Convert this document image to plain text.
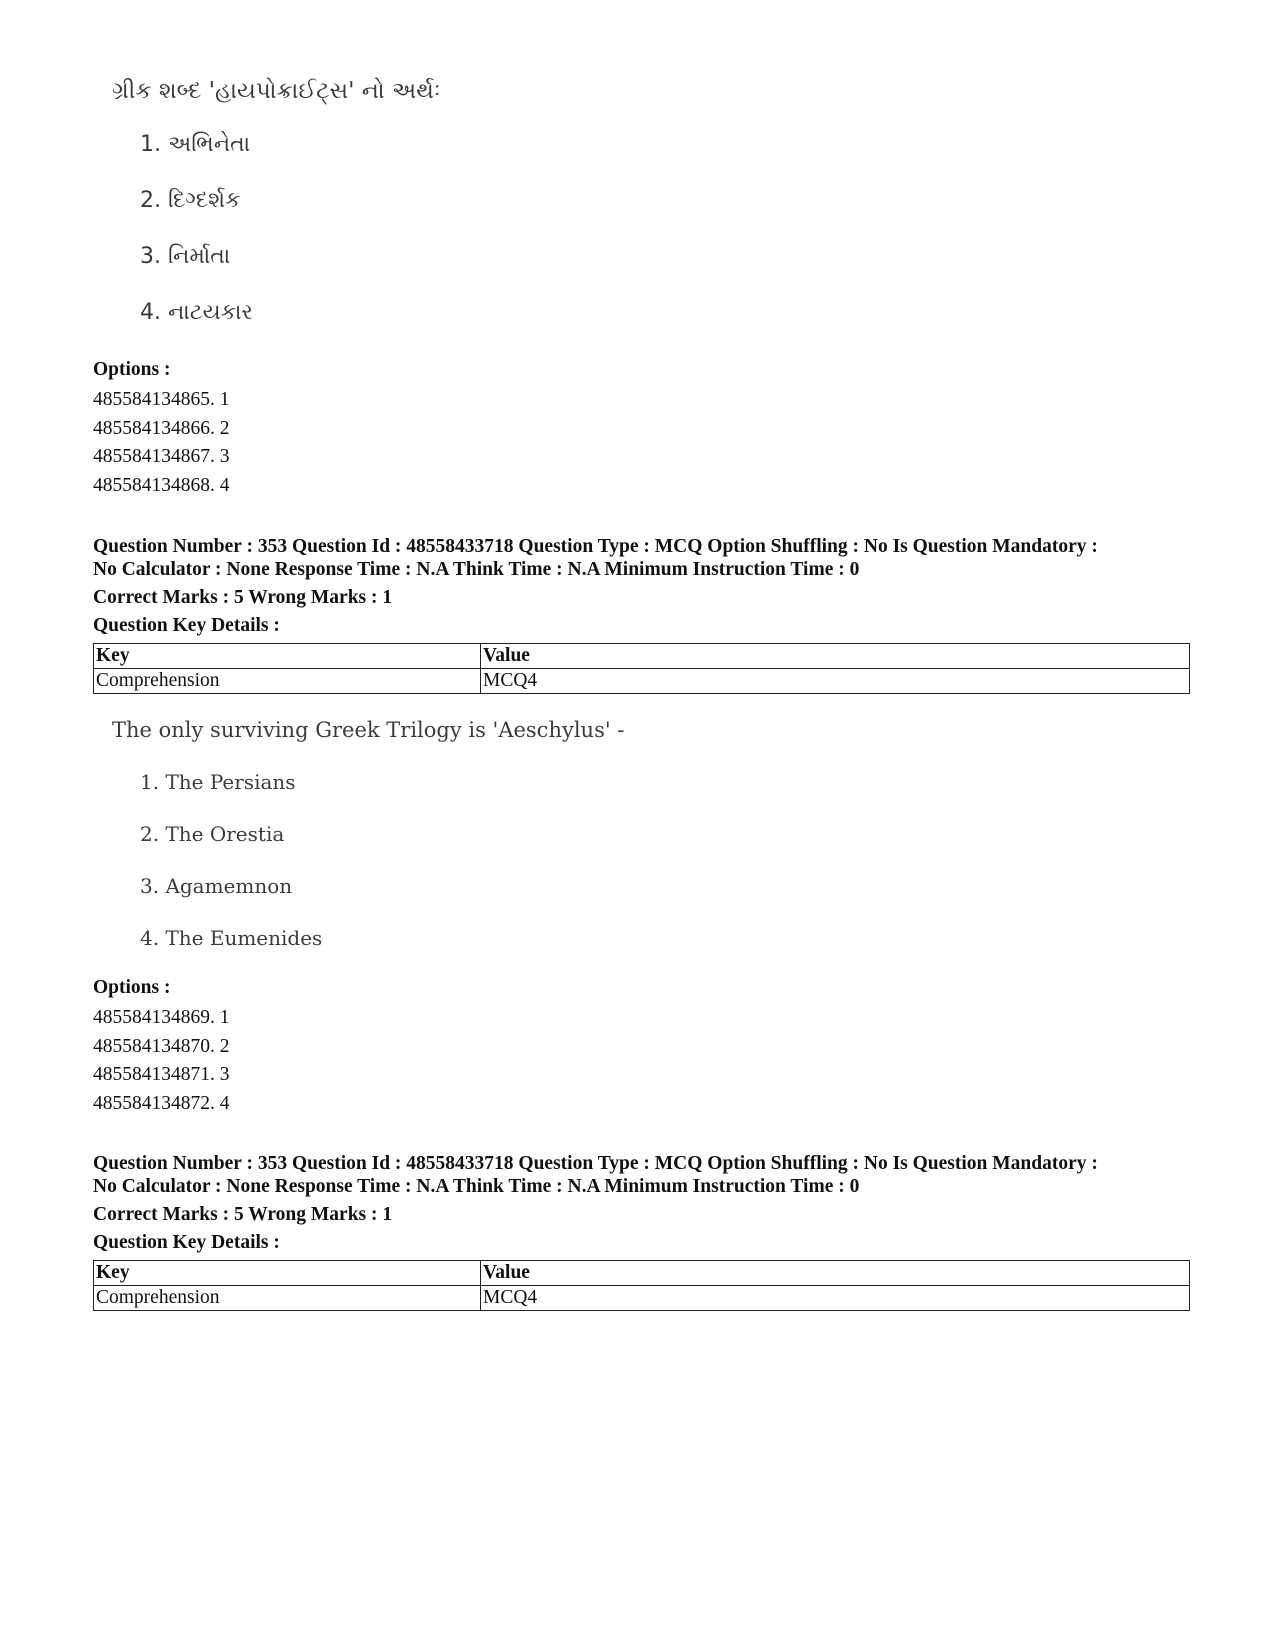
ગ્રીક શબ્દ 'હાયપોક્રાઈટ્સ' નો અર્થઃ
1. અભિનેતા
2. દિગ્દર્શક
3. નિર્માતા
4. નાટયકાર
Options :
485584134865. 1
485584134866. 2
485584134867. 3
485584134868. 4
Question Number : 353 Question Id : 48558433718 Question Type : MCQ Option Shuffling : No Is Question Mandatory :
No Calculator : None Response Time : N.A Think Time : N.A Minimum Instruction Time : 0
Correct Marks : 5 Wrong Marks : 1
Question Key Details :
Key	Value
Comprehension	MCQ4
The only surviving Greek Trilogy is 'Aeschylus' -
1. The Persians
2. The Orestia
3. Agamemnon
4. The Eumenides
Options :
485584134869. 1
485584134870. 2
485584134871. 3
485584134872. 4
Question Number : 353 Question Id : 48558433718 Question Type : MCQ Option Shuffling : No Is Question Mandatory :
No Calculator : None Response Time : N.A Think Time : N.A Minimum Instruction Time : 0
Correct Marks : 5 Wrong Marks : 1
Question Key Details :
Key	Value
Comprehension	MCQ4
